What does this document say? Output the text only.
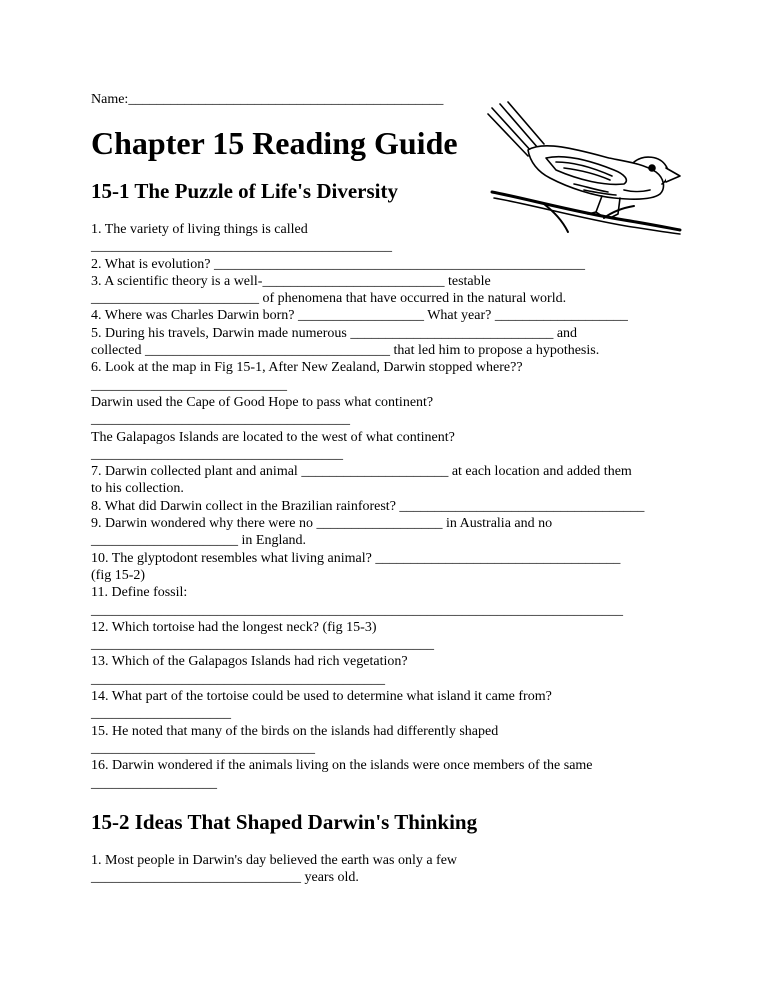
Name:_____________________________________________
Chapter 15 Reading Guide
15-1 The Puzzle of Life's Diversity
1. The variety of living things is called
___________________________________________
2. What is evolution? _____________________________________________________
3. A scientific theory is a well-__________________________ testable
________________________ of phenomena that have occurred in the natural world.
4. Where was Charles Darwin born? __________________ What year? ___________________
5. During his travels, Darwin made numerous _____________________________ and
collected ___________________________________ that led him to propose a hypothesis.
6. Look at the map in Fig 15-1, After New Zealand, Darwin stopped where??
____________________________
Darwin used the Cape of Good Hope to pass what continent?
_____________________________________
The Galapagos Islands are located to the west of what continent?
____________________________________
7. Darwin collected plant and animal _____________________ at each location and added them
to his collection.
8. What did Darwin collect in the Brazilian rainforest? ___________________________________
9. Darwin wondered why there were no __________________ in Australia and no
_____________________ in England.
10. The glyptodont resembles what living animal? ___________________________________
(fig 15-2)
11. Define fossil:
____________________________________________________________________________
12. Which tortoise had the longest neck? (fig 15-3)
_________________________________________________
13. Which of the Galapagos Islands had rich vegetation?
__________________________________________
14. What part of the tortoise could be used to determine what island it came from?
____________________
15. He noted that many of the birds on the islands had differently shaped
________________________________
16. Darwin wondered if the animals living on the islands were once members of the same
__________________
15-2 Ideas That Shaped Darwin's Thinking
1. Most people in Darwin's day believed the earth was only a few
______________________________ years old.
